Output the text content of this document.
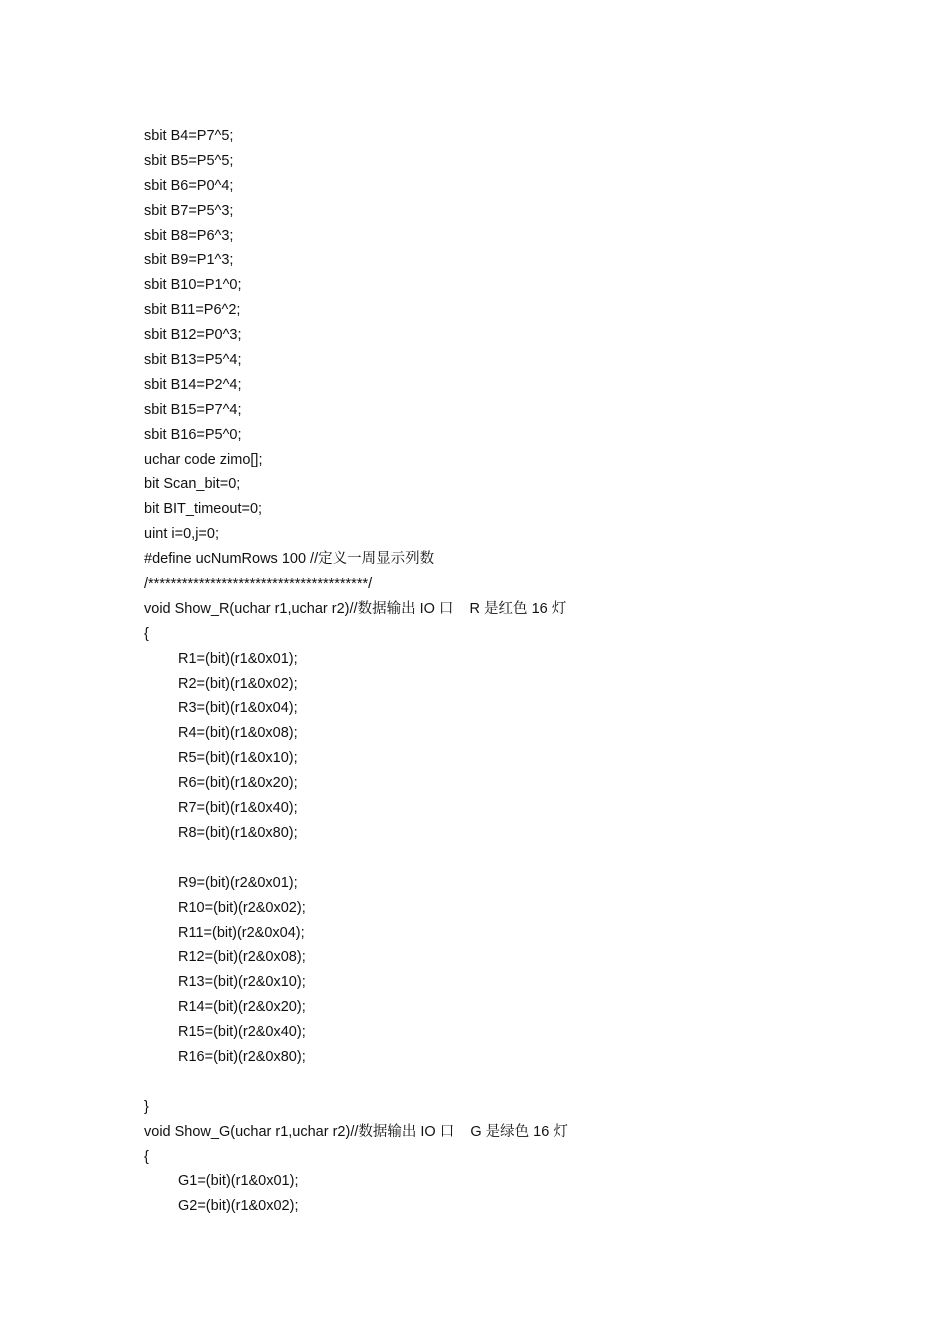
sbit B4=P7^5;
sbit B5=P5^5;
sbit B6=P0^4;
sbit B7=P5^3;
sbit B8=P6^3;
sbit B9=P1^3;
sbit B10=P1^0;
sbit B11=P6^2;
sbit B12=P0^3;
sbit B13=P5^4;
sbit B14=P2^4;
sbit B15=P7^4;
sbit B16=P5^0;
uchar code zimo[];
bit Scan_bit=0;
bit BIT_timeout=0;
uint i=0,j=0;
#define ucNumRows 100 //定义一周显示列数
/***************************************/
void Show_R(uchar r1,uchar r2)//数据输出 IO 口    R 是红色 16 灯
{
R1=(bit)(r1&0x01);
R2=(bit)(r1&0x02);
R3=(bit)(r1&0x04);
R4=(bit)(r1&0x08);
R5=(bit)(r1&0x10);
R6=(bit)(r1&0x20);
R7=(bit)(r1&0x40);
R8=(bit)(r1&0x80);
R9=(bit)(r2&0x01);
R10=(bit)(r2&0x02);
R11=(bit)(r2&0x04);
R12=(bit)(r2&0x08);
R13=(bit)(r2&0x10);
R14=(bit)(r2&0x20);
R15=(bit)(r2&0x40);
R16=(bit)(r2&0x80);
}
void Show_G(uchar r1,uchar r2)//数据输出 IO 口    G 是绿色 16 灯
{
G1=(bit)(r1&0x01);
G2=(bit)(r1&0x02);
